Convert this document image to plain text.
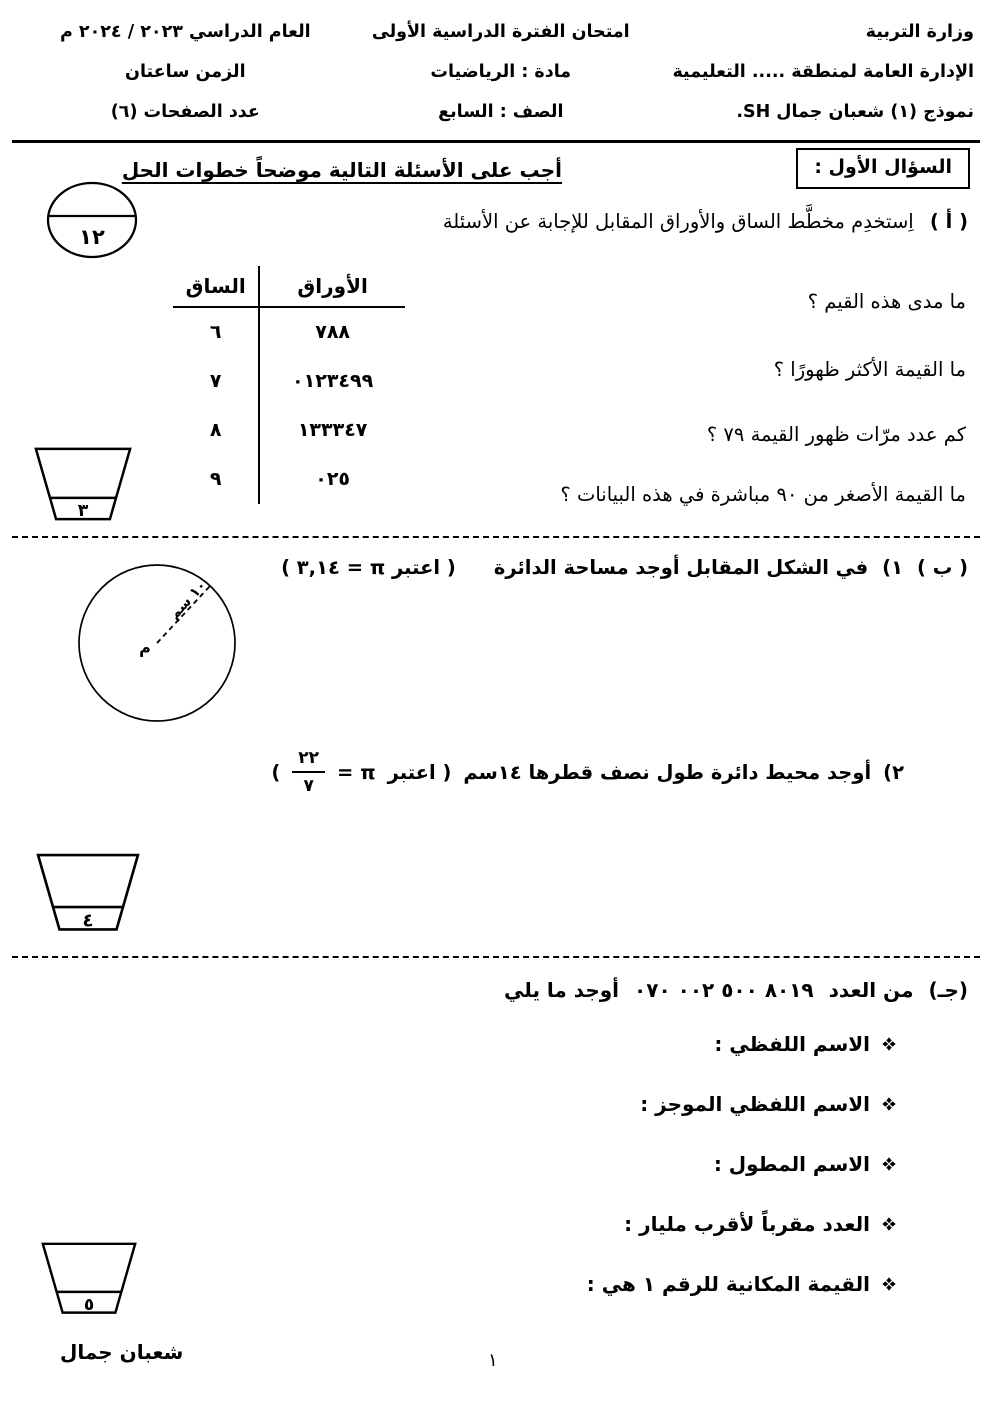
وزارة التربية
الإدارة العامة لمنطقة ..... التعليمية
نموذج (١) شعبان جمال SH.
امتحان الفترة الدراسية الأولى
مادة : الرياضيات
الصف : السابع
العام الدراسي ٢٠٢٣ / ٢٠٢٤ م
الزمن ساعتان
عدد الصفحات (٦)
السؤال الأول :
أجب على الأسئلة التالية موضحاً خطوات الحل
١٢
( أ ) اِستخدِم مخطَّط الساق والأوراق المقابل للإجابة عن الأسئلة
الساق	الأوراق
٦	٧٨٨
٧	٠١٢٣٤٩٩
٨	١٣٣٣٤٧
٩	٠٢٥
ما مدى هذه القيم ؟
ما القيمة الأكثر ظهورًا ؟
كم عدد مرّات ظهور القيمة ٧٩ ؟
ما القيمة الأصغر من ٩٠ مباشرة في هذه البيانات ؟
٣
( ب )
١)
في الشكل المقابل أوجد مساحة الدائرة
( اعتبر π = ٣,١٤ )
١٠ سم
م
٢)
أوجد محيط دائرة طول نصف قطرها ١٤سم
( اعتبر
π =
$\frac{٢٢}{٧}$
)
٤
(جـ)
من العدد
٨٠١٩ ٥٠٠ ٠٠٢ ٠٧٠
أوجد ما يلي
الاسم اللفظي :
الاسم اللفظي الموجز :
الاسم المطول :
العدد مقرباً لأقرب مليار :
القيمة المكانية للرقم ١ هي :
٥
شعبان جمال	١
